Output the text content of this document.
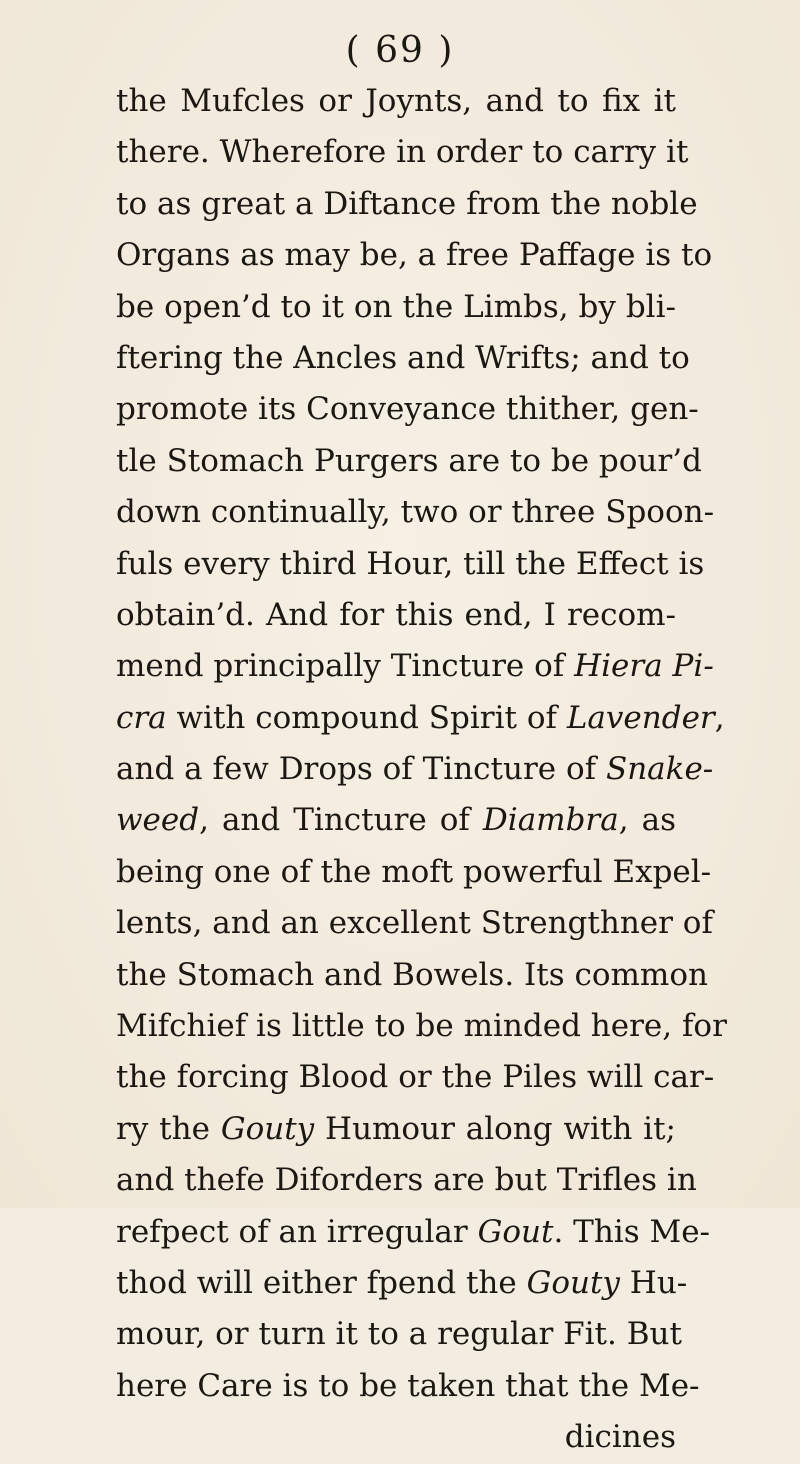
( 69 )
the Mufcles or Joynts, and to fix it
there. Wherefore in order to carry it
to as great a Diftance from the noble
Organs as may be, a free Paffage is to
be open’d to it on the Limbs, by bli-
ftering the Ancles and Wrifts; and to
promote its Conveyance thither, gen-
tle Stomach Purgers are to be pour’d
down continually, two or three Spoon-
fuls every third Hour, till the Effect is
obtain’d. And for this end, I recom-
mend principally Tincture of Hiera Pi-
cra with compound Spirit of Lavender,
and a few Drops of Tincture of Snake-
weed, and Tincture of Diambra, as
being one of the moft powerful Expel-
lents, and an excellent Strengthner of
the Stomach and Bowels. Its common
Mifchief is little to be minded here, for
the forcing Blood or the Piles will car-
ry the Gouty Humour along with it;
and thefe Diforders are but Trifles in
refpect of an irregular Gout. This Me-
thod will either fpend the Gouty Hu-
mour, or turn it to a regular Fit. But
here Care is to be taken that the Me-
dicines
